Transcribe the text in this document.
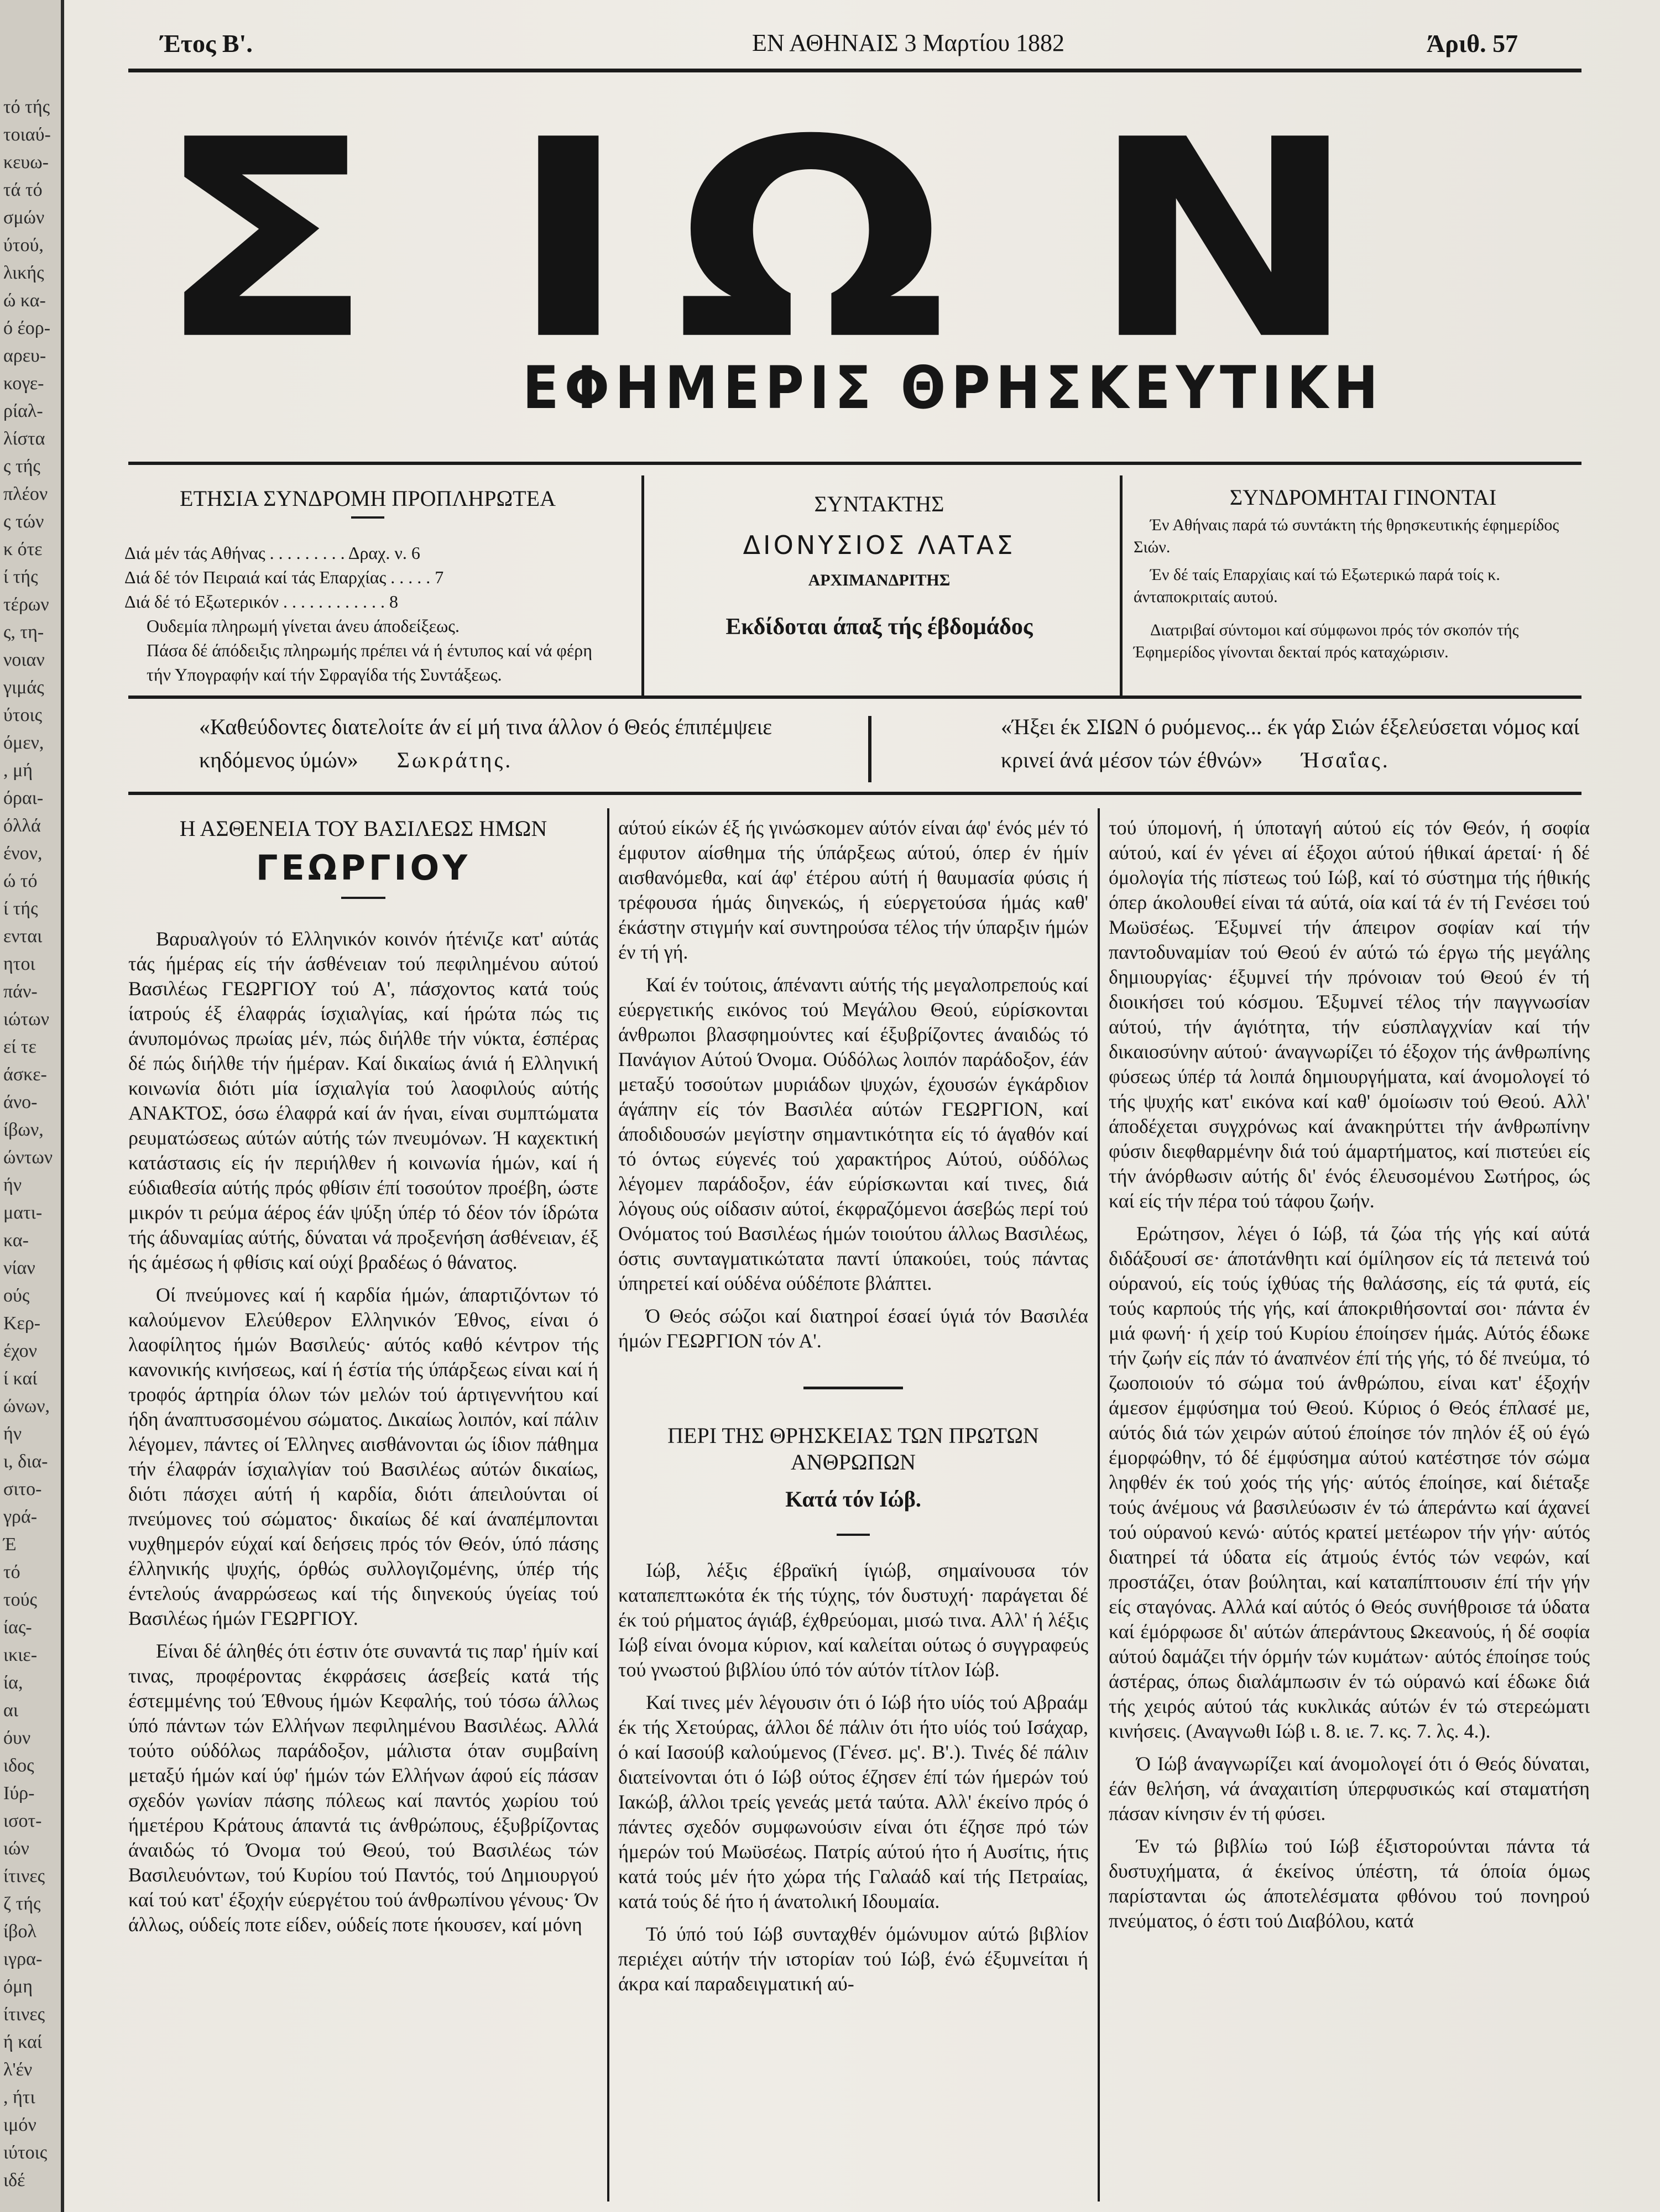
τό τής
τοιαύ-
κευω-
τά τό
σμών
ύτού,
λικής
ώ κα-
ό έορ-
αρευ-
κογε-
ρίαλ-
λίστα
ς τής
πλέον
ς τών
κ ότε
ί τής
τέρων
ς, τη-
νοιαν
γιμάς
ύτοις
όμεν,
, μή
όραι-
όλλά
ένον,
ώ τό
ί τής
ενται
ητοι
πάν-
ιώτων
εί τε
άσκε-
άνο-
ίβων,
ώντων
ήν
ματι-
κα-
νίαν
ούς
Κερ-
έχον
ί καί
ώνων,
ήν
ι, δια-
σιτο-
γρά-
Έ
τό
τούς
ίας-
ικιε-
ία,
αι
όυν
ιδος
Ιύρ-
ισοτ-
ιών
ίτινες
ζ τής
ίβολ
ιγρα-
όμη
ίτινες
ή καί
λ'έν
, ήτι
ιμόν
ιύτοις
ιδέ
Έτος Β'.	ΕΝ ΑΘΗΝΑΙΣ 3 Μαρτίου 1882	Άριθ. 57
Σ Ι Ω Ν
ΕΦΗΜΕΡΙΣ ΘΡΗΣΚΕΥΤΙΚΗ
ΕΤΗΣΙΑ ΣΥΝΔΡΟΜΗ ΠΡΟΠΛΗΡΩΤΕΑ
Διά μέν τάς Αθήνας . . . . . . . . . Δραχ. ν. 6
Διά δέ τόν Πειραιά καί τάς Επαρχίας . . . . . 7
Διά δέ τό Εξωτερικόν . . . . . . . . . . . . 8
Ουδεμία πληρωμή γίνεται άνευ άποδείξεως.
Πάσα δέ άπόδειξις πληρωμής πρέπει νά ή έντυπος καί νά φέρη τήν Υπογραφήν καί τήν Σφραγίδα τής Συντάξεως.
ΣΥΝΤΑΚΤΗΣ
ΔΙΟΝΥΣΙΟΣ ΛΑΤΑΣ
ΑΡΧΙΜΑΝΔΡΙΤΗΣ
Εκδίδοται άπαξ τής έβδομάδος
ΣΥΝΔΡΟΜΗΤΑΙ ΓΙΝΟΝΤΑΙ
Έν Αθήναις παρά τώ συντάκτη τής θρησκευτικής έφημερίδος Σιών.
Έν δέ ταίς Επαρχίαις καί τώ Εξωτερικώ παρά τοίς κ. άνταποκριταίς αυτού.
Διατριβαί σύντομοι καί σύμφωνοι πρός τόν σκοπόν τής Έφημερίδος γίνονται δεκταί πρός καταχώρισιν.
«Καθεύδοντες διατελοίτε άν εί μή τινα άλλον ό Θεός έπιπέμψειε κηδόμενος ύμών» Σωκράτης.
«Ήξει έκ ΣΙΩΝ ό ρυόμενος... έκ γάρ Σιών έξελεύσεται νόμος καί κρινεί άνά μέσον τών έθνών» Ήσαΐας.
Η ΑΣΘΕΝΕΙΑ ΤΟΥ ΒΑΣΙΛΕΩΣ ΗΜΩΝ
ΓΕΩΡΓΙΟΥ

Βαρυαλγούν τό Ελληνικόν κοινόν ήτένιζε κατ' αύτάς τάς ήμέρας είς τήν άσθένειαν τού πεφιλημένου αύτού Βασιλέως ΓΕΩΡΓΙΟΥ τού Α', πάσχοντος κατά τούς ίατρούς έξ έλαφράς ίσχιαλγίας, καί ήρώτα πώς τις άνυπομόνως πρωίας μέν, πώς διήλθε τήν νύκτα, έσπέρας δέ πώς διήλθε τήν ήμέραν. Καί δικαίως άνιά ή Ελληνική κοινωνία διότι μία ίσχιαλγία τού λαοφιλούς αύτής ΑΝΑΚΤΟΣ, όσω έλαφρά καί άν ήναι, είναι συμπτώματα ρευματώσεως αύτών αύτής τών πνευμόνων. Ή καχεκτική κατάστασις είς ήν περιήλθεν ή κοινωνία ήμών, καί ή εύδιαθεσία αύτής πρός φθίσιν έπί τοσούτον προέβη, ώστε μικρόν τι ρεύμα άέρος έάν ψύξη ύπέρ τό δέον τόν ίδρώτα τής άδυναμίας αύτής, δύναται νά προξενήση άσθένειαν, έξ ής άμέσως ή φθίσις καί ούχί βραδέως ό θάνατος.

Οί πνεύμονες καί ή καρδία ήμών, άπαρτιζόντων τό καλούμενον Ελεύθερον Ελληνικόν Έθνος, είναι ό λαοφίλητος ήμών Βασιλεύς· αύτός καθό κέντρον τής κανονικής κινήσεως, καί ή έστία τής ύπάρξεως είναι καί ή τροφός άρτηρία όλων τών μελών τού άρτιγεννήτου καί ήδη άναπτυσσομένου σώματος. Δικαίως λοιπόν, καί πάλιν λέγομεν, πάντες οί Έλληνες αισθάνονται ώς ίδιον πάθημα τήν έλαφράν ίσχιαλγίαν τού Βασιλέως αύτών δικαίως, διότι πάσχει αύτή ή καρδία, διότι άπειλούνται οί πνεύμονες τού σώματος· δικαίως δέ καί άναπέμπονται νυχθημερόν εύχαί καί δεήσεις πρός τόν Θεόν, ύπό πάσης έλληνικής ψυχής, όρθώς συλλογιζομένης, ύπέρ τής έντελούς άναρρώσεως καί τής διηνεκούς ύγείας τού Βασιλέως ήμών ΓΕΩΡΓΙΟΥ.

Είναι δέ άληθές ότι έστιν ότε συναντά τις παρ' ήμίν καί τινας, προφέροντας έκφράσεις άσεβείς κατά τής έστεμμένης τού Έθνους ήμών Κεφαλής, τού τόσω άλλως ύπό πάντων τών Ελλήνων πεφιλημένου Βασιλέως. Αλλά τούτο ούδόλως παράδοξον, μάλιστα όταν συμβαίνη μεταξύ ήμών καί ύφ' ήμών τών Ελλήνων άφού είς πάσαν σχεδόν γωνίαν πάσης πόλεως καί παντός χωρίου τού ήμετέρου Κράτους άπαντά τις άνθρώπους, έξυβρίζοντας άναιδώς τό Όνομα τού Θεού, τού Βασιλέως τών Βασιλευόντων, τού Κυρίου τού Παντός, τού Δημιουργού καί τού κατ' έξοχήν εύεργέτου τού άνθρωπίνου γένους· Όν άλλως, ούδείς ποτε είδεν, ούδείς ποτε ήκουσεν, καί μόνη

αύτού είκών έξ ής γινώσκομεν αύτόν είναι άφ' ένός μέν τό έμφυτον αίσθημα τής ύπάρξεως αύτού, όπερ έν ήμίν αισθανόμεθα, καί άφ' έτέρου αύτή ή θαυμασία φύσις ή τρέφουσα ήμάς διηνεκώς, ή εύεργετούσα ήμάς καθ' έκάστην στιγμήν καί συντηρούσα τέλος τήν ύπαρξιν ήμών έν τή γή.

Καί έν τούτοις, άπέναντι αύτής τής μεγαλοπρεπούς καί εύεργετικής εικόνος τού Μεγάλου Θεού, εύρίσκονται άνθρωποι βλασφημούντες καί έξυβρίζοντες άναιδώς τό Πανάγιον Αύτού Όνομα. Ούδόλως λοιπόν παράδοξον, έάν μεταξύ τοσούτων μυριάδων ψυχών, έχουσών έγκάρδιον άγάπην είς τόν Βασιλέα αύτών ΓΕΩΡΓΙΟΝ, καί άποδιδουσών μεγίστην σημαντικότητα είς τό άγαθόν καί τό όντως εύγενές τού χαρακτήρος Αύτού, ούδόλως λέγομεν παράδοξον, έάν εύρίσκωνται καί τινες, διά λόγους ούς οίδασιν αύτοί, έκφραζόμενοι άσεβώς περί τού Ονόματος τού Βασιλέως ήμών τοιούτου άλλως Βασιλέως, όστις συνταγματικώτατα παντί ύπακούει, τούς πάντας ύπηρετεί καί ούδένα ούδέποτε βλάπτει.

Ό Θεός σώζοι καί διατηροί έσαεί ύγιά τόν Βασιλέα ήμών ΓΕΩΡΓΙΟΝ τόν Α'.

ΠΕΡΙ ΤΗΣ ΘΡΗΣΚΕΙΑΣ ΤΩΝ ΠΡΩΤΩΝ ΑΝΘΡΩΠΩΝ
Κατά τόν Ιώβ.

Ιώβ, λέξις έβραϊκή ίγιώβ, σημαίνουσα τόν καταπεπτωκότα έκ τής τύχης, τόν δυστυχή· παράγεται δέ έκ τού ρήματος άγιάβ, έχθρεύομαι, μισώ τινα. Αλλ' ή λέξις Ιώβ είναι όνομα κύριον, καί καλείται ούτως ό συγγραφεύς τού γνωστού βιβλίου ύπό τόν αύτόν τίτλον Ιώβ.

Καί τινες μέν λέγουσιν ότι ό Ιώβ ήτο υίός τού Αβραάμ έκ τής Χετούρας, άλλοι δέ πάλιν ότι ήτο υίός τού Ισάχαρ, ό καί Ιασούβ καλούμενος (Γένεσ. μς'. Β'.). Τινές δέ πάλιν διατείνονται ότι ό Ιώβ ούτος έζησεν έπί τών ήμερών τού Ιακώβ, άλλοι τρείς γενεάς μετά ταύτα. Αλλ' έκείνο πρός ό πάντες σχεδόν συμφωνούσιν είναι ότι έζησε πρό τών ήμερών τού Μωϋσέως. Πατρίς αύτού ήτο ή Αυσίτις, ήτις κατά τούς μέν ήτο χώρα τής Γαλαάδ καί τής Πετραίας, κατά τούς δέ ήτο ή άνατολική Ιδουμαία.

Τό ύπό τού Ιώβ συνταχθέν όμώνυμον αύτώ βιβλίον περιέχει αύτήν τήν ιστορίαν τού Ιώβ, ένώ έξυμνείται ή άκρα καί παραδειγματική αύ-

τού ύπομονή, ή ύποταγή αύτού είς τόν Θεόν, ή σοφία αύτού, καί έν γένει αί έξοχοι αύτού ήθικαί άρεταί· ή δέ όμολογία τής πίστεως τού Ιώβ, καί τό σύστημα τής ήθικής όπερ άκολουθεί είναι τά αύτά, οία καί τά έν τή Γενέσει τού Μωϋσέως. Έξυμνεί τήν άπειρον σοφίαν καί τήν παντοδυναμίαν τού Θεού έν αύτώ τώ έργω τής μεγάλης δημιουργίας· έξυμνεί τήν πρόνοιαν τού Θεού έν τή διοικήσει τού κόσμου. Έξυμνεί τέλος τήν παγγνωσίαν αύτού, τήν άγιότητα, τήν εύσπλαγχνίαν καί τήν δικαιοσύνην αύτού· άναγνωρίζει τό έξοχον τής άνθρωπίνης φύσεως ύπέρ τά λοιπά δημιουργήματα, καί άνομολογεί τό τής ψυχής κατ' εικόνα καί καθ' όμοίωσιν τού Θεού. Αλλ' άποδέχεται συγχρόνως καί άνακηρύττει τήν άνθρωπίνην φύσιν διεφθαρμένην διά τού άμαρτήματος, καί πιστεύει είς τήν άνόρθωσιν αύτής δι' ένός έλευσομένου Σωτήρος, ώς καί είς τήν πέρα τού τάφου ζωήν.

Ερώτησον, λέγει ό Ιώβ, τά ζώα τής γής καί αύτά διδάξουσί σε· άποτάνθητι καί όμίλησον είς τά πετεινά τού ούρανού, είς τούς ίχθύας τής θαλάσσης, είς τά φυτά, είς τούς καρπούς τής γής, καί άποκριθήσονταί σοι· πάντα έν μιά φωνή· ή χείρ τού Κυρίου έποίησεν ήμάς. Αύτός έδωκε τήν ζωήν είς πάν τό άναπνέον έπί τής γής, τό δέ πνεύμα, τό ζωοποιούν τό σώμα τού άνθρώπου, είναι κατ' έξοχήν άμεσον έμφύσημα τού Θεού. Κύριος ό Θεός έπλασέ με, αύτός διά τών χειρών αύτού έποίησε τόν πηλόν έξ ού έγώ έμορφώθην, τό δέ έμφύσημα αύτού κατέστησε τόν σώμα ληφθέν έκ τού χοός τής γής· αύτός έποίησε, καί διέταξε τούς άνέμους νά βασιλεύωσιν έν τώ άπεράντω καί άχανεί τού ούρανού κενώ· αύτός κρατεί μετέωρον τήν γήν· αύτός διατηρεί τά ύδατα είς άτμούς έντός τών νεφών, καί προστάζει, όταν βούληται, καί καταπίπτουσιν έπί τήν γήν είς σταγόνας. Αλλά καί αύτός ό Θεός συνήθροισε τά ύδατα καί έμόρφωσε δι' αύτών άπεράντους Ωκεανούς, ή δέ σοφία αύτού δαμάζει τήν όρμήν τών κυμάτων· αύτός έποίησε τούς άστέρας, όπως διαλάμπωσιν έν τώ ούρανώ καί έδωκε διά τής χειρός αύτού τάς κυκλικάς αύτών έν τώ στερεώματι κινήσεις. (Αναγνωθι Ιώβ ι. 8. ιε. 7. κς. 7. λς. 4.).

Ό Ιώβ άναγνωρίζει καί άνομολογεί ότι ό Θεός δύναται, έάν θελήση, νά άναχαιτίση ύπερφυσικώς καί σταματήση πάσαν κίνησιν έν τή φύσει.

Έν τώ βιβλίω τού Ιώβ έξιστορούνται πάντα τά δυστυχήματα, ά έκείνος ύπέστη, τά όποία όμως παρίστανται ώς άποτελέσματα φθόνου τού πονηρού πνεύματος, ό έστι τού Διαβόλου, κατά
